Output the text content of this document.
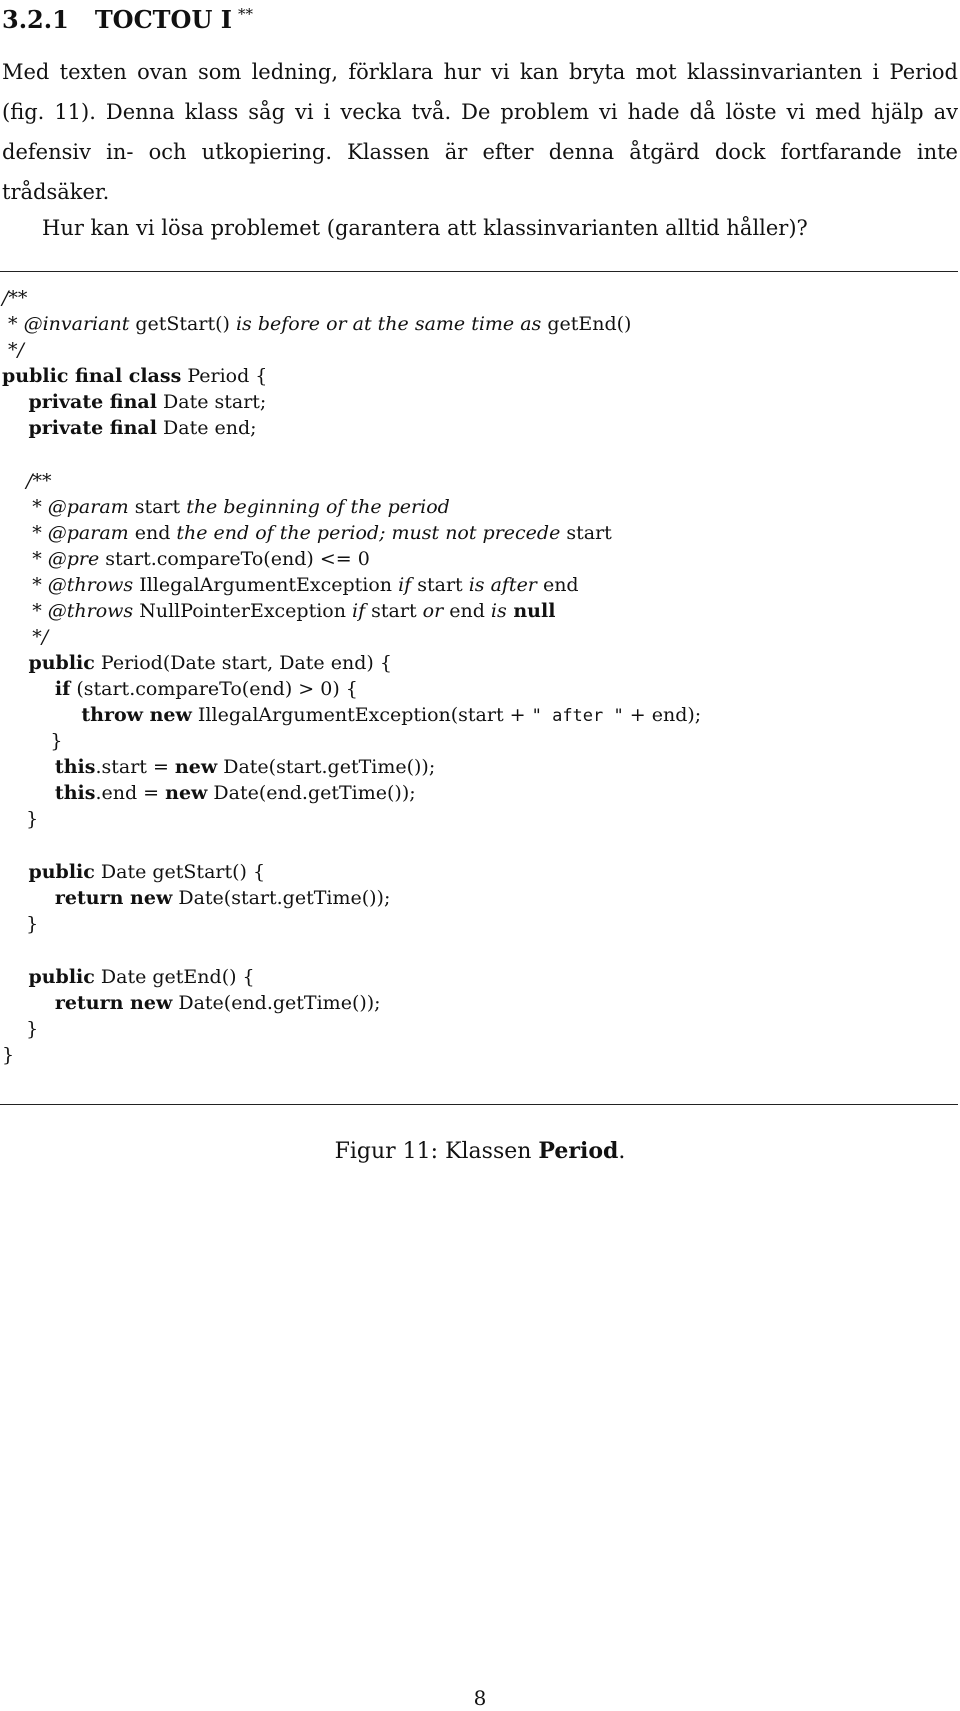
3.2.1 TOCTOU I **

Med texten ovan som ledning, förklara hur vi kan bryta mot klassinvarianten i Period (fig. 11). Denna klass såg vi i vecka två. De problem vi hade då löste vi med hjälp av defensiv in- och utkopiering. Klassen är efter denna åtgärd dock fortfarande inte trådsäker.

Hur kan vi lösa problemet (garantera att klassinvarianten alltid håller)?

/**
* @invariant getStart() is before or at the same time as getEnd()
*/
public final class Period {
private final Date start;
private final Date end;
/**
* @param start the beginning of the period
* @param end the end of the period; must not precede start
* @pre start.compareTo(end) <= 0
* @throws IllegalArgumentException if start is after end
* @throws NullPointerException if start or end is null
*/
public Period(Date start, Date end) {
if (start.compareTo(end) > 0) {
throw new IllegalArgumentException(start + " after " + end);
}
this.start = new Date(start.getTime());
this.end = new Date(end.getTime());
}
public Date getStart() {
return new Date(start.getTime());
}
public Date getEnd() {
return new Date(end.getTime());
}
}

Figur 11: Klassen Period.

8
